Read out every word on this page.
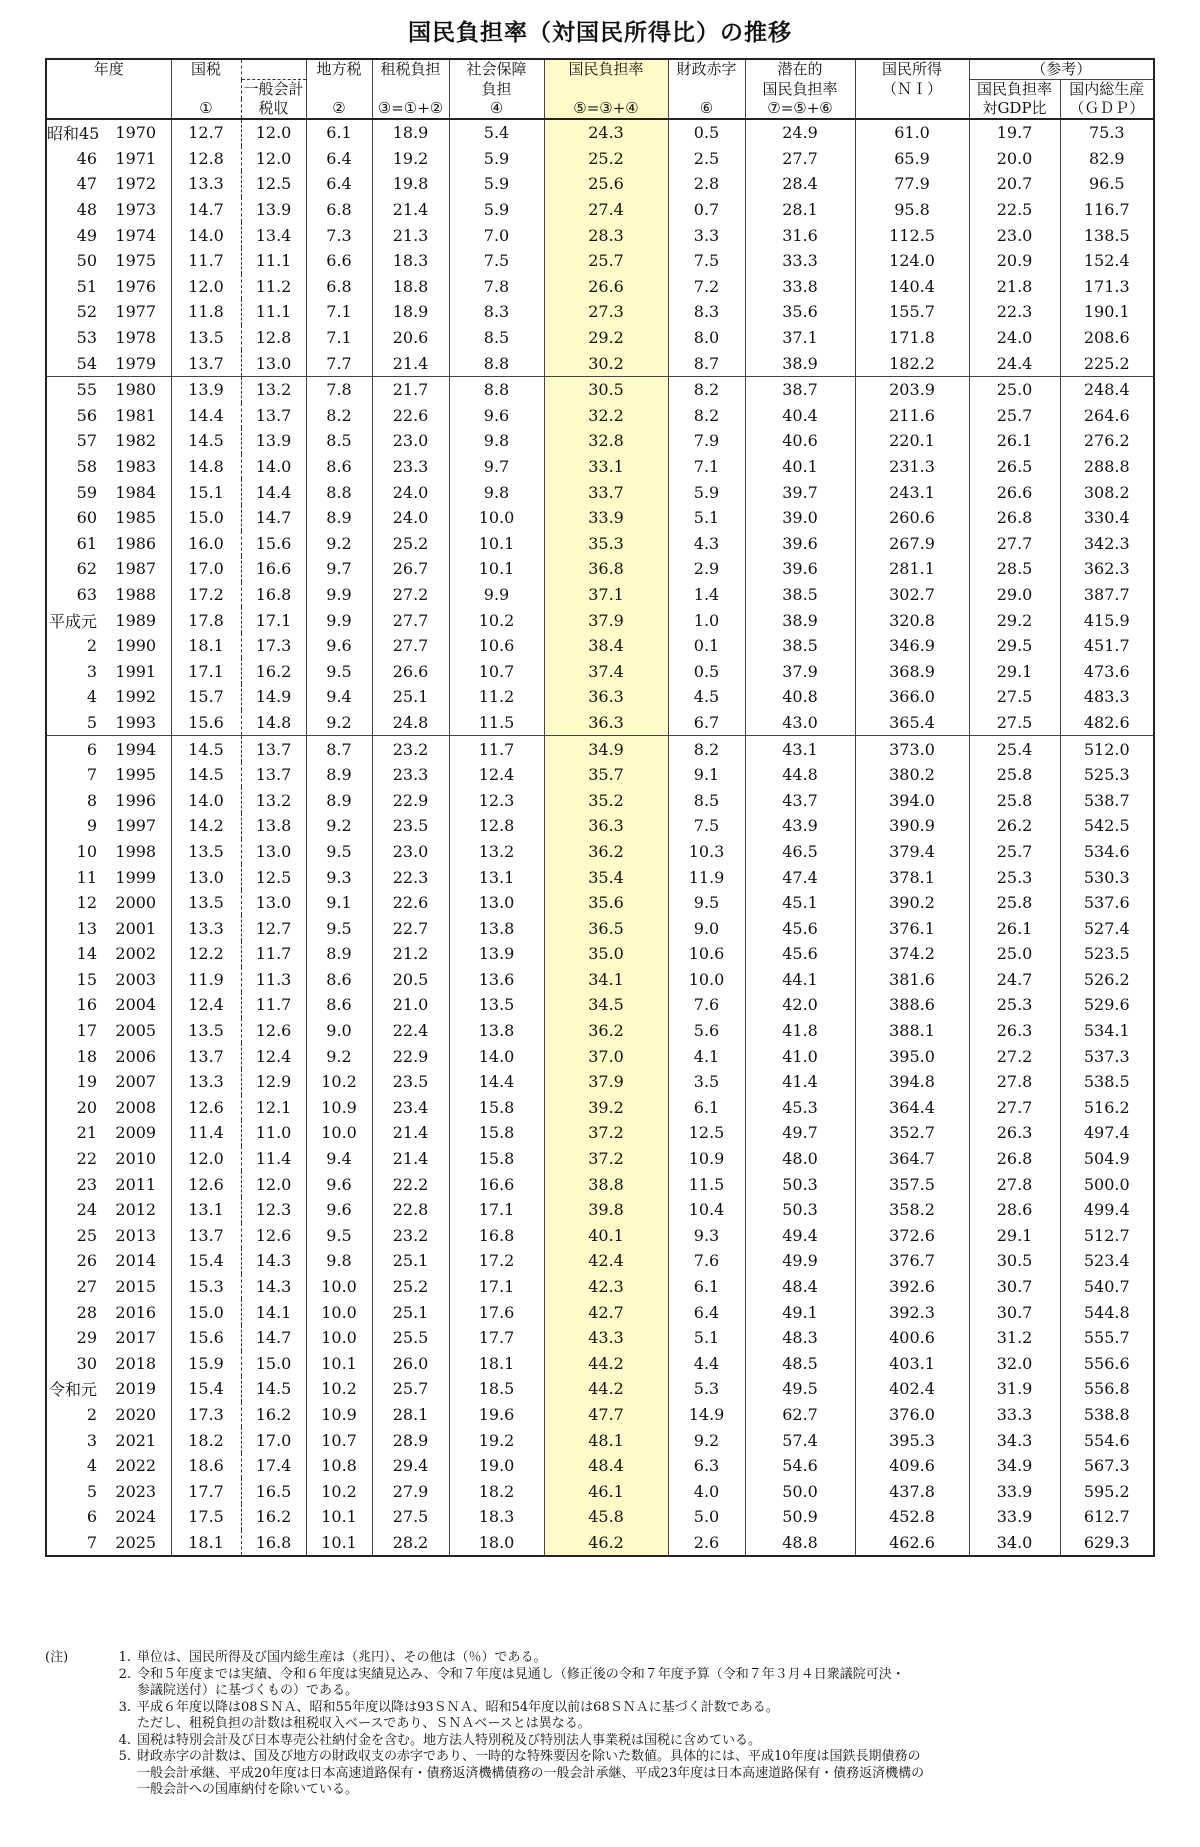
国民負担率（対国民所得比）の推移
年度		国税		地方税	租税負担	社会保障	国民負担率	財政赤字	潜在的	国民所得	（参考）	
			一般会計			負担			国民負担率	（ＮＩ）	国民負担率	国内総生産
		①	税収	②	③=①+②	④	⑤=③+④	⑥	⑦=⑤+⑥		対GDP比	（ＧＤＰ）
昭和45	1970	12.7	12.0	6.1	18.9	5.4	24.3	0.5	24.9	61.0	19.7	75.3
46	1971	12.8	12.0	6.4	19.2	5.9	25.2	2.5	27.7	65.9	20.0	82.9
47	1972	13.3	12.5	6.4	19.8	5.9	25.6	2.8	28.4	77.9	20.7	96.5
48	1973	14.7	13.9	6.8	21.4	5.9	27.4	0.7	28.1	95.8	22.5	116.7
49	1974	14.0	13.4	7.3	21.3	7.0	28.3	3.3	31.6	112.5	23.0	138.5
50	1975	11.7	11.1	6.6	18.3	7.5	25.7	7.5	33.3	124.0	20.9	152.4
51	1976	12.0	11.2	6.8	18.8	7.8	26.6	7.2	33.8	140.4	21.8	171.3
52	1977	11.8	11.1	7.1	18.9	8.3	27.3	8.3	35.6	155.7	22.3	190.1
53	1978	13.5	12.8	7.1	20.6	8.5	29.2	8.0	37.1	171.8	24.0	208.6
54	1979	13.7	13.0	7.7	21.4	8.8	30.2	8.7	38.9	182.2	24.4	225.2
55	1980	13.9	13.2	7.8	21.7	8.8	30.5	8.2	38.7	203.9	25.0	248.4
56	1981	14.4	13.7	8.2	22.6	9.6	32.2	8.2	40.4	211.6	25.7	264.6
57	1982	14.5	13.9	8.5	23.0	9.8	32.8	7.9	40.6	220.1	26.1	276.2
58	1983	14.8	14.0	8.6	23.3	9.7	33.1	7.1	40.1	231.3	26.5	288.8
59	1984	15.1	14.4	8.8	24.0	9.8	33.7	5.9	39.7	243.1	26.6	308.2
60	1985	15.0	14.7	8.9	24.0	10.0	33.9	5.1	39.0	260.6	26.8	330.4
61	1986	16.0	15.6	9.2	25.2	10.1	35.3	4.3	39.6	267.9	27.7	342.3
62	1987	17.0	16.6	9.7	26.7	10.1	36.8	2.9	39.6	281.1	28.5	362.3
63	1988	17.2	16.8	9.9	27.2	9.9	37.1	1.4	38.5	302.7	29.0	387.7
平成元	1989	17.8	17.1	9.9	27.7	10.2	37.9	1.0	38.9	320.8	29.2	415.9
2	1990	18.1	17.3	9.6	27.7	10.6	38.4	0.1	38.5	346.9	29.5	451.7
3	1991	17.1	16.2	9.5	26.6	10.7	37.4	0.5	37.9	368.9	29.1	473.6
4	1992	15.7	14.9	9.4	25.1	11.2	36.3	4.5	40.8	366.0	27.5	483.3
5	1993	15.6	14.8	9.2	24.8	11.5	36.3	6.7	43.0	365.4	27.5	482.6
6	1994	14.5	13.7	8.7	23.2	11.7	34.9	8.2	43.1	373.0	25.4	512.0
7	1995	14.5	13.7	8.9	23.3	12.4	35.7	9.1	44.8	380.2	25.8	525.3
8	1996	14.0	13.2	8.9	22.9	12.3	35.2	8.5	43.7	394.0	25.8	538.7
9	1997	14.2	13.8	9.2	23.5	12.8	36.3	7.5	43.9	390.9	26.2	542.5
10	1998	13.5	13.0	9.5	23.0	13.2	36.2	10.3	46.5	379.4	25.7	534.6
11	1999	13.0	12.5	9.3	22.3	13.1	35.4	11.9	47.4	378.1	25.3	530.3
12	2000	13.5	13.0	9.1	22.6	13.0	35.6	9.5	45.1	390.2	25.8	537.6
13	2001	13.3	12.7	9.5	22.7	13.8	36.5	9.0	45.6	376.1	26.1	527.4
14	2002	12.2	11.7	8.9	21.2	13.9	35.0	10.6	45.6	374.2	25.0	523.5
15	2003	11.9	11.3	8.6	20.5	13.6	34.1	10.0	44.1	381.6	24.7	526.2
16	2004	12.4	11.7	8.6	21.0	13.5	34.5	7.6	42.0	388.6	25.3	529.6
17	2005	13.5	12.6	9.0	22.4	13.8	36.2	5.6	41.8	388.1	26.3	534.1
18	2006	13.7	12.4	9.2	22.9	14.0	37.0	4.1	41.0	395.0	27.2	537.3
19	2007	13.3	12.9	10.2	23.5	14.4	37.9	3.5	41.4	394.8	27.8	538.5
20	2008	12.6	12.1	10.9	23.4	15.8	39.2	6.1	45.3	364.4	27.7	516.2
21	2009	11.4	11.0	10.0	21.4	15.8	37.2	12.5	49.7	352.7	26.3	497.4
22	2010	12.0	11.4	9.4	21.4	15.8	37.2	10.9	48.0	364.7	26.8	504.9
23	2011	12.6	12.0	9.6	22.2	16.6	38.8	11.5	50.3	357.5	27.8	500.0
24	2012	13.1	12.3	9.6	22.8	17.1	39.8	10.4	50.3	358.2	28.6	499.4
25	2013	13.7	12.6	9.5	23.2	16.8	40.1	9.3	49.4	372.6	29.1	512.7
26	2014	15.4	14.3	9.8	25.1	17.2	42.4	7.6	49.9	376.7	30.5	523.4
27	2015	15.3	14.3	10.0	25.2	17.1	42.3	6.1	48.4	392.6	30.7	540.7
28	2016	15.0	14.1	10.0	25.1	17.6	42.7	6.4	49.1	392.3	30.7	544.8
29	2017	15.6	14.7	10.0	25.5	17.7	43.3	5.1	48.3	400.6	31.2	555.7
30	2018	15.9	15.0	10.1	26.0	18.1	44.2	4.4	48.5	403.1	32.0	556.6
令和元	2019	15.4	14.5	10.2	25.7	18.5	44.2	5.3	49.5	402.4	31.9	556.8
2	2020	17.3	16.2	10.9	28.1	19.6	47.7	14.9	62.7	376.0	33.3	538.8
3	2021	18.2	17.0	10.7	28.9	19.2	48.1	9.2	57.4	395.3	34.3	554.6
4	2022	18.6	17.4	10.8	29.4	19.0	48.4	6.3	54.6	409.6	34.9	567.3
5	2023	17.7	16.5	10.2	27.9	18.2	46.1	4.0	50.0	437.8	33.9	595.2
6	2024	17.5	16.2	10.1	27.5	18.3	45.8	5.0	50.9	452.8	33.9	612.7
7	2025	18.1	16.8	10.1	28.2	18.0	46.2	2.6	48.8	462.6	34.0	629.3
(注)	1. 単位は、国民所得及び国内総生産は（兆円）、その他は（％）である。
2. 令和５年度までは実績、令和６年度は実績見込み、令和７年度は見通し（修正後の令和７年度予算（令和７年３月４日衆議院可決・
参議院送付）に基づくもの）である。
3. 平成６年度以降は08ＳＮＡ、昭和55年度以降は93ＳＮＡ、昭和54年度以前は68ＳＮＡに基づく計数である。
ただし、租税負担の計数は租税収入ベースであり、ＳＮＡベースとは異なる。
4. 国税は特別会計及び日本専売公社納付金を含む。地方法人特別税及び特別法人事業税は国税に含めている。
5. 財政赤字の計数は、国及び地方の財政収支の赤字であり、一時的な特殊要因を除いた数値。具体的には、平成10年度は国鉄長期債務の
一般会計承継、平成20年度は日本高速道路保有・債務返済機構債務の一般会計承継、平成23年度は日本高速道路保有・債務返済機構の
一般会計への国庫納付を除いている。
